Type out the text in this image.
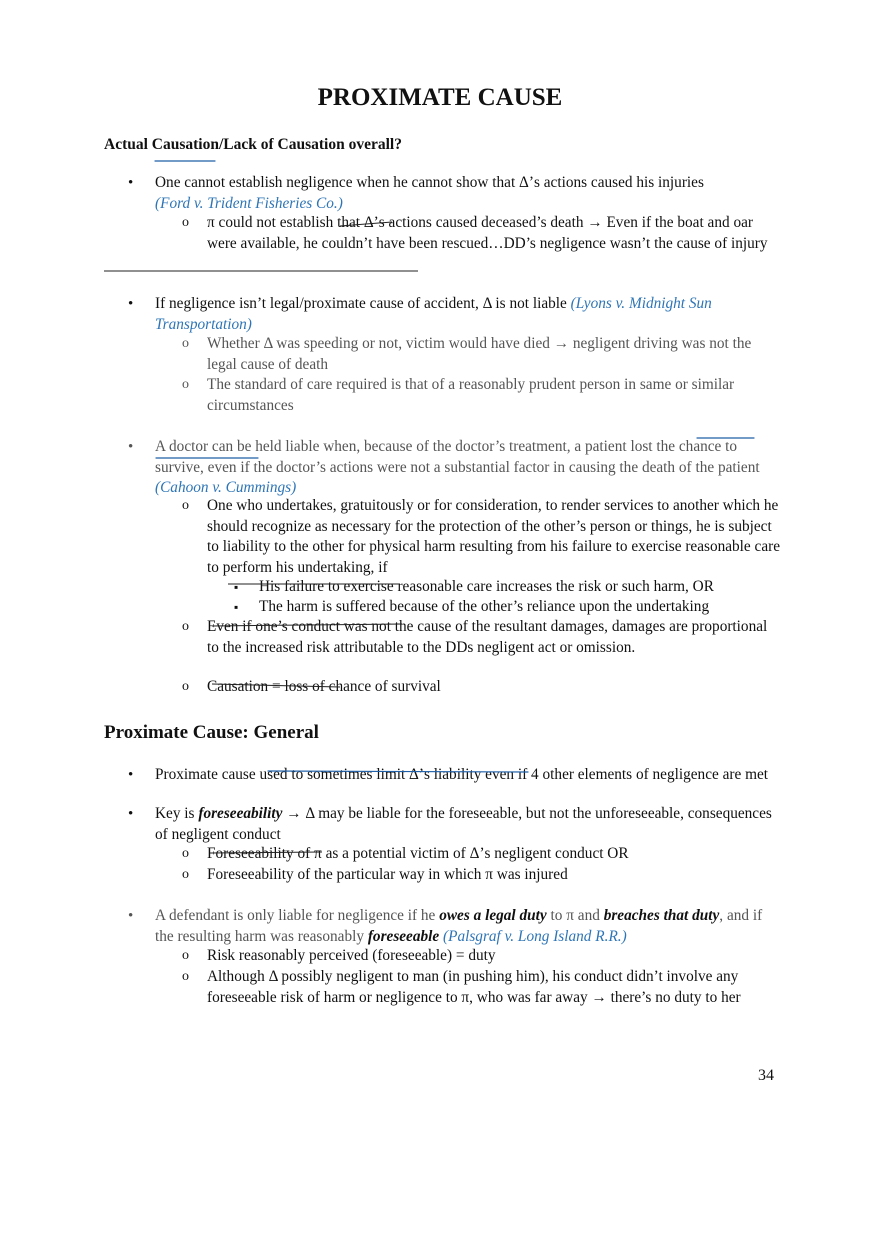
PROXIMATE CAUSE
Actual Causation/Lack of Causation overall?
• One cannot establish negligence when he cannot show that Δ’s actions caused his injuries
(Ford v. Trident Fisheries Co.)
o π could not establish that Δ’s actions caused deceased’s death → Even if the boat and oar were available, he couldn’t have been rescued…DD’s negligence wasn’t the cause of injury
• If negligence isn’t legal/proximate cause of accident, Δ is not liable (Lyons v. Midnight Sun Transportation)
o Whether Δ was speeding or not, victim would have died → negligent driving was not the legal cause of death
o The standard of care required is that of a reasonably prudent person in same or similar circumstances
• A doctor can be held liable when, because of the doctor’s treatment, a patient lost the chance to survive, even if the doctor’s actions were not a substantial factor in causing the death of the patient (Cahoon v. Cummings)
o One who undertakes, gratuitously or for consideration, to render services to another which he should recognize as necessary for the protection of the other’s person or things, he is subject to liability to the other for physical harm resulting from his failure to exercise reasonable care to perform his undertaking, if
▪ His failure to exercise reasonable care increases the risk or such harm, OR
▪ The harm is suffered because of the other’s reliance upon the undertaking
o Even if one’s conduct was not the cause of the resultant damages, damages are proportional to the increased risk attributable to the DDs negligent act or omission.
o Causation = loss of chance of survival
Proximate Cause: General
• Proximate cause used to sometimes limit Δ’s liability even if 4 other elements of negligence are met
• Key is foreseeability → Δ may be liable for the foreseeable, but not the unforeseeable, consequences of negligent conduct
o Foreseeability of π as a potential victim of Δ’s negligent conduct OR
o Foreseeability of the particular way in which π was injured
• A defendant is only liable for negligence if he owes a legal duty to π and breaches that duty, and if the resulting harm was reasonably foreseeable (Palsgraf v. Long Island R.R.)
o Risk reasonably perceived (foreseeable) = duty
o Although Δ possibly negligent to man (in pushing him), his conduct didn’t involve any foreseeable risk of harm or negligence to π, who was far away → there’s no duty to her
34
